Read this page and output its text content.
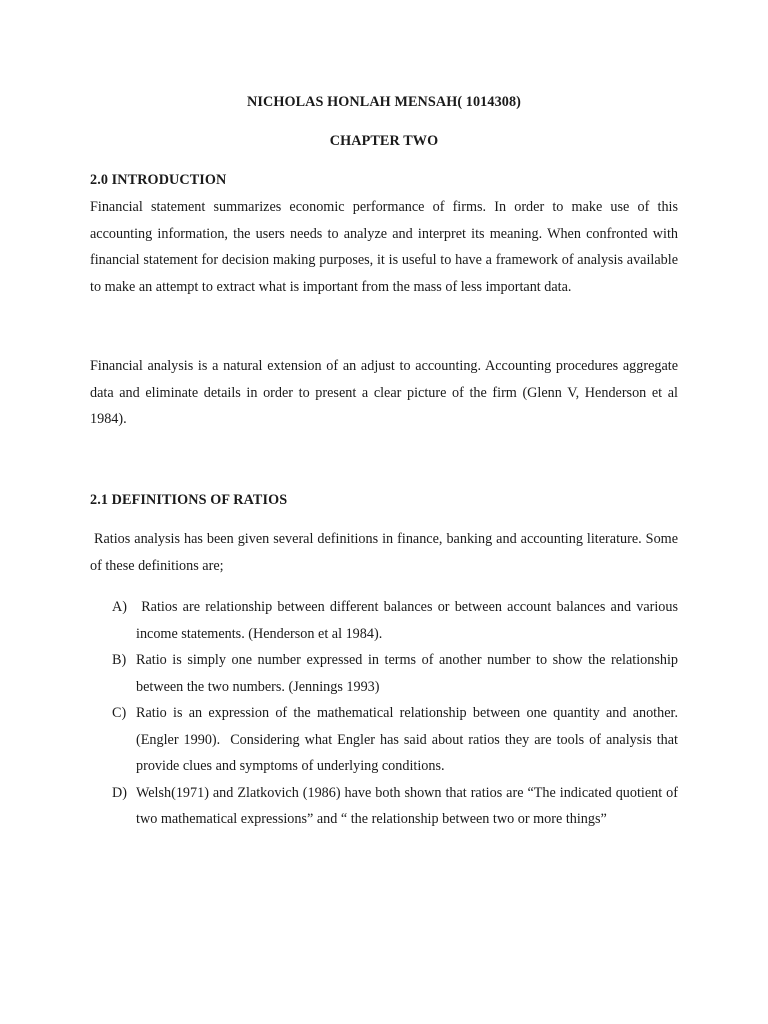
NICHOLAS HONLAH MENSAH( 1014308)
CHAPTER TWO
2.0 INTRODUCTION

Financial statement summarizes economic performance of firms. In order to make use of this accounting information, the users needs to analyze and interpret its meaning. When confronted with financial statement for decision making purposes, it is useful to have a framework of analysis available to make an attempt to extract what is important from the mass of less important data.

Financial analysis is a natural extension of an adjust to accounting. Accounting procedures aggregate data and eliminate details in order to present a clear picture of the firm (Glenn V, Henderson et al 1984).

2.1 DEFINITIONS OF RATIOS

Ratios analysis has been given several definitions in finance, banking and accounting literature. Some of these definitions are;

A) Ratios are relationship between different balances or between account balances and various income statements. (Henderson et al 1984).
B) Ratio is simply one number expressed in terms of another number to show the relationship between the two numbers. (Jennings 1993)
C) Ratio is an expression of the mathematical relationship between one quantity and another. (Engler 1990).  Considering what Engler has said about ratios they are tools of analysis that provide clues and symptoms of underlying conditions.
D) Welsh(1971) and Zlatkovich (1986) have both shown that ratios are “The indicated quotient of two mathematical expressions” and “ the relationship between two or more things”
